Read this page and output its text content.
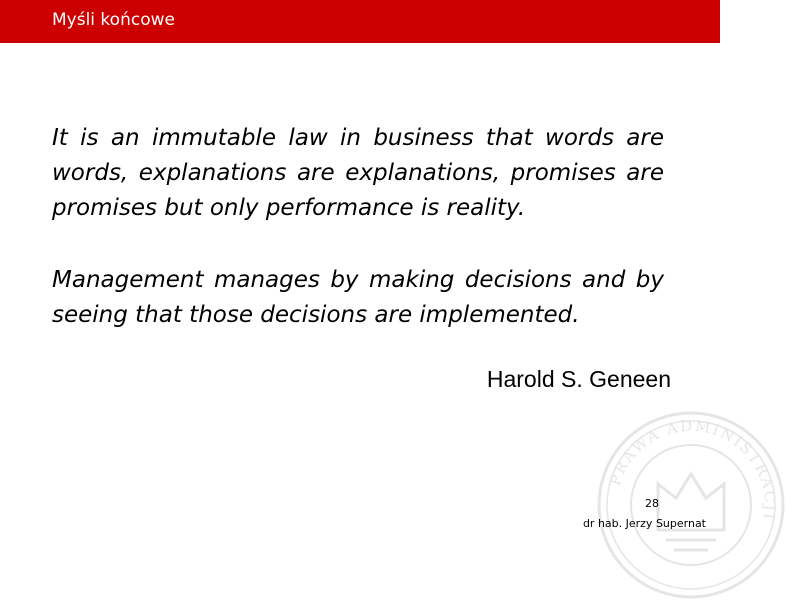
Myśli końcowe

It is an immutable law in business that words are words, explanations are explanations, promises are promises but only performance is reality.

Management manages by making decisions and by seeing that those decisions are implemented.

Harold S. Geneen
PRAWA ADMINISTRACJI
28
dr hab. Jerzy Supernat
